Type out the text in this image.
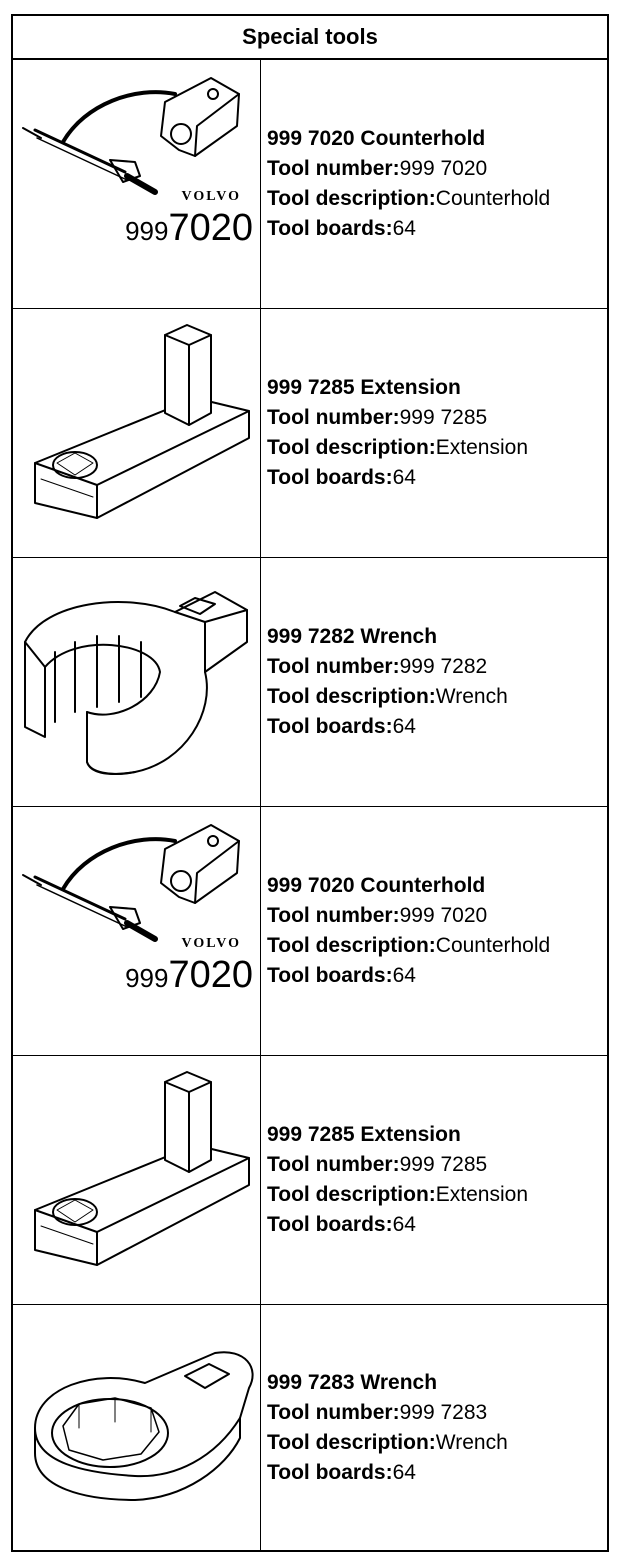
Special tools
VOLVO
9997020
999 7020 Counterhold
Tool number:999 7020
Tool description:Counterhold
Tool boards:64
999 7285 Extension
Tool number:999 7285
Tool description:Extension
Tool boards:64
999 7282 Wrench
Tool number:999 7282
Tool description:Wrench
Tool boards:64
VOLVO
9997020
999 7020 Counterhold
Tool number:999 7020
Tool description:Counterhold
Tool boards:64
999 7285 Extension
Tool number:999 7285
Tool description:Extension
Tool boards:64
999 7283 Wrench
Tool number:999 7283
Tool description:Wrench
Tool boards:64
